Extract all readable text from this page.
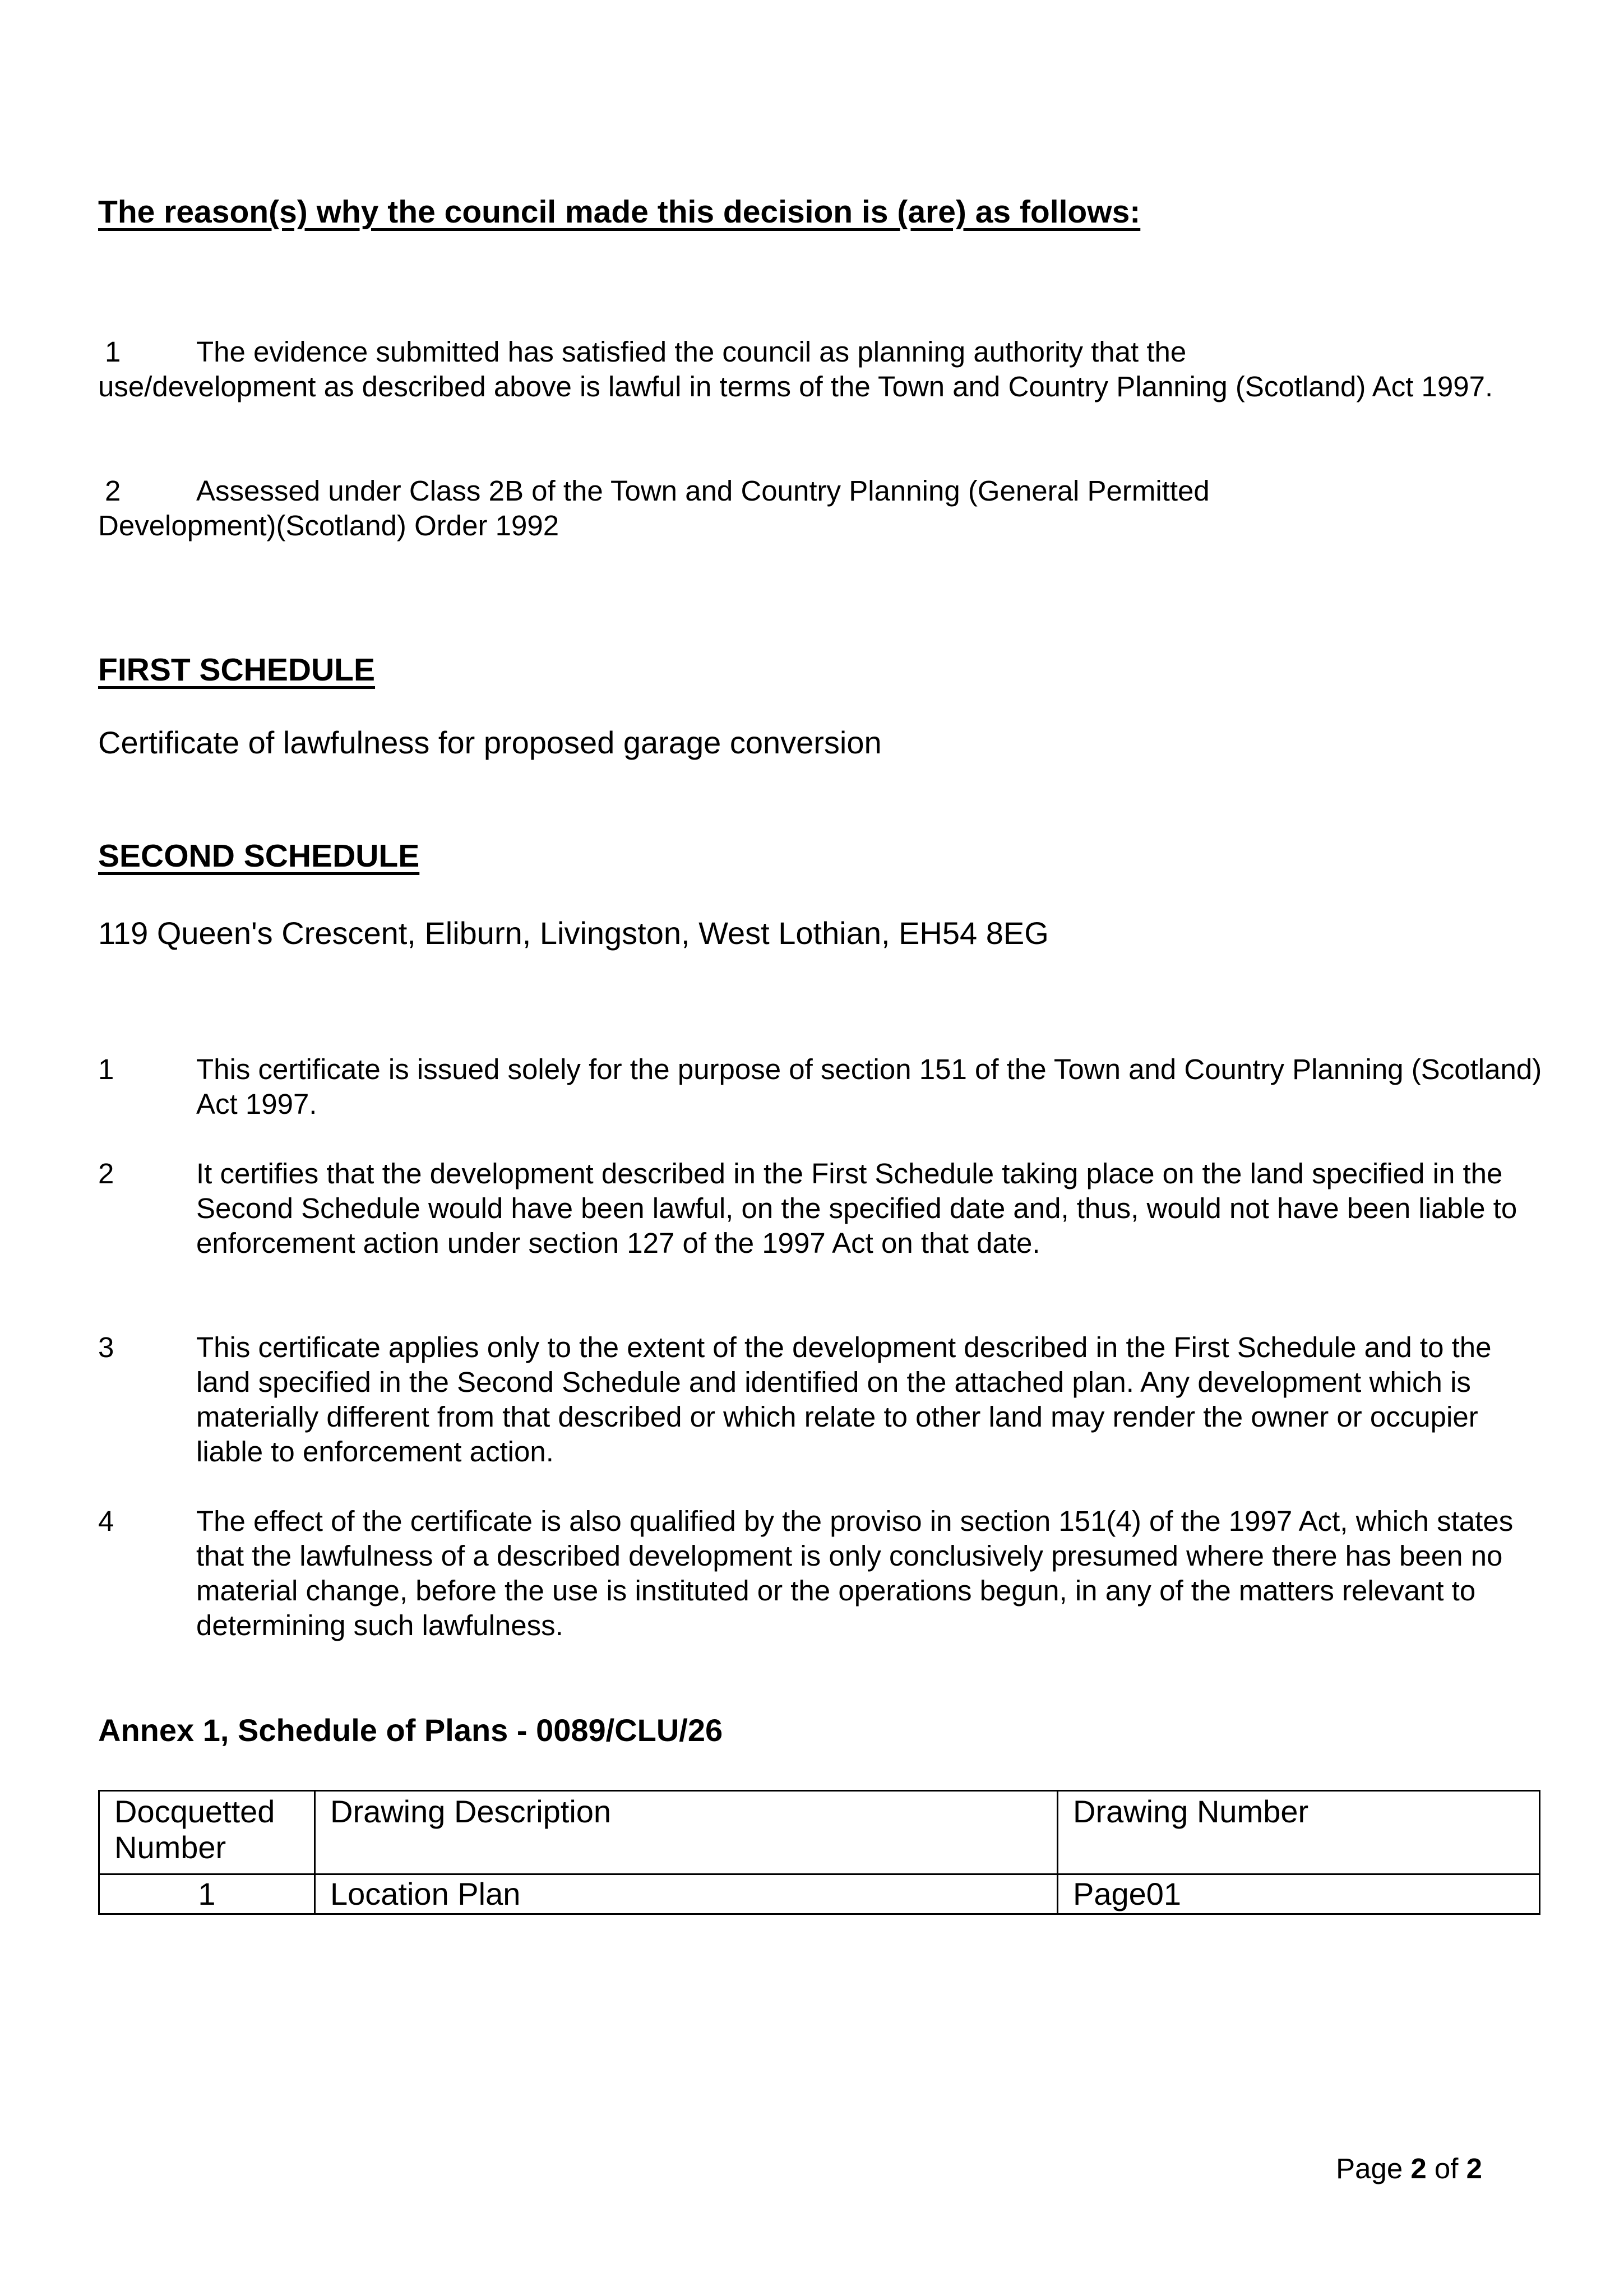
The reason(s) why the council made this decision is (are) as follows:
1	The evidence submitted has satisfied the council as planning authority that the
use/development as described above is lawful in terms of the Town and Country Planning (Scotland) Act 1997.
2	Assessed under Class 2B of the Town and Country Planning (General Permitted
Development)(Scotland) Order 1992
FIRST SCHEDULE

Certificate of lawfulness for proposed garage conversion

SECOND SCHEDULE

119 Queen's Crescent, Eliburn, Livingston, West Lothian, EH54 8EG

1	This certificate is issued solely for the purpose of section 151 of the Town and Country Planning (Scotland) Act 1997.
2	It certifies that the development described in the First Schedule taking place on the land specified in the Second Schedule would have been lawful, on the specified date and, thus, would not have been liable to enforcement action under section 127 of the 1997 Act on that date.
3	This certificate applies only to the extent of the development described in the First Schedule and to the land specified in the Second Schedule and identified on the attached plan. Any development which is materially different from that described or which relate to other land may render the owner or occupier liable to enforcement action.
4	The effect of the certificate is also qualified by the proviso in section 151(4) of the 1997 Act, which states that the lawfulness of a described development is only conclusively presumed where there has been no material change, before the use is instituted or the operations begun, in any of the matters relevant to determining such lawfulness.
Annex 1, Schedule of Plans - 0089/CLU/26
Docquetted Number	Drawing Description	Drawing Number
1	Location Plan	Page01
Page 2 of 2
